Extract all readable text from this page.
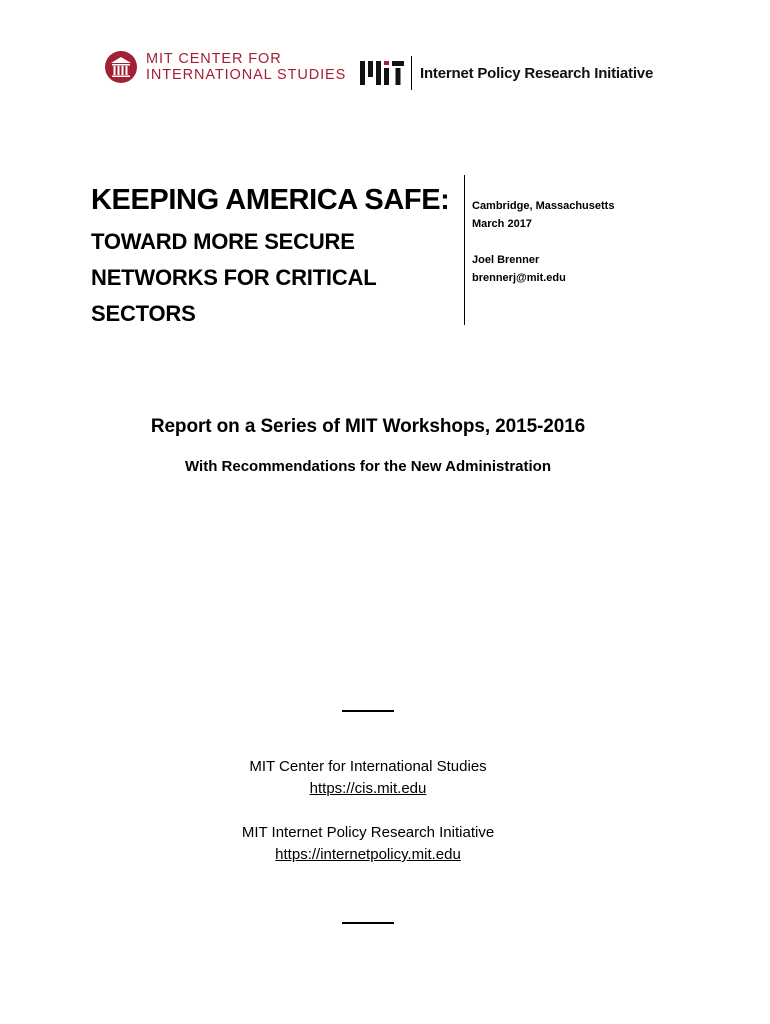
MIT CENTER FOR
INTERNATIONAL STUDIES
MIT
Internet Policy Research Initiative
KEEPING AMERICA SAFE:
TOWARD MORE SECURE
NETWORKS FOR CRITICAL
SECTORS
Cambridge, Massachusetts
March 2017
Joel Brenner
brennerj@mit.edu
Report on a Series of MIT Workshops, 2015-2016
With Recommendations for the New Administration
MIT Center for International Studies
https://cis.mit.edu
MIT Internet Policy Research Initiative
https://internetpolicy.mit.edu
